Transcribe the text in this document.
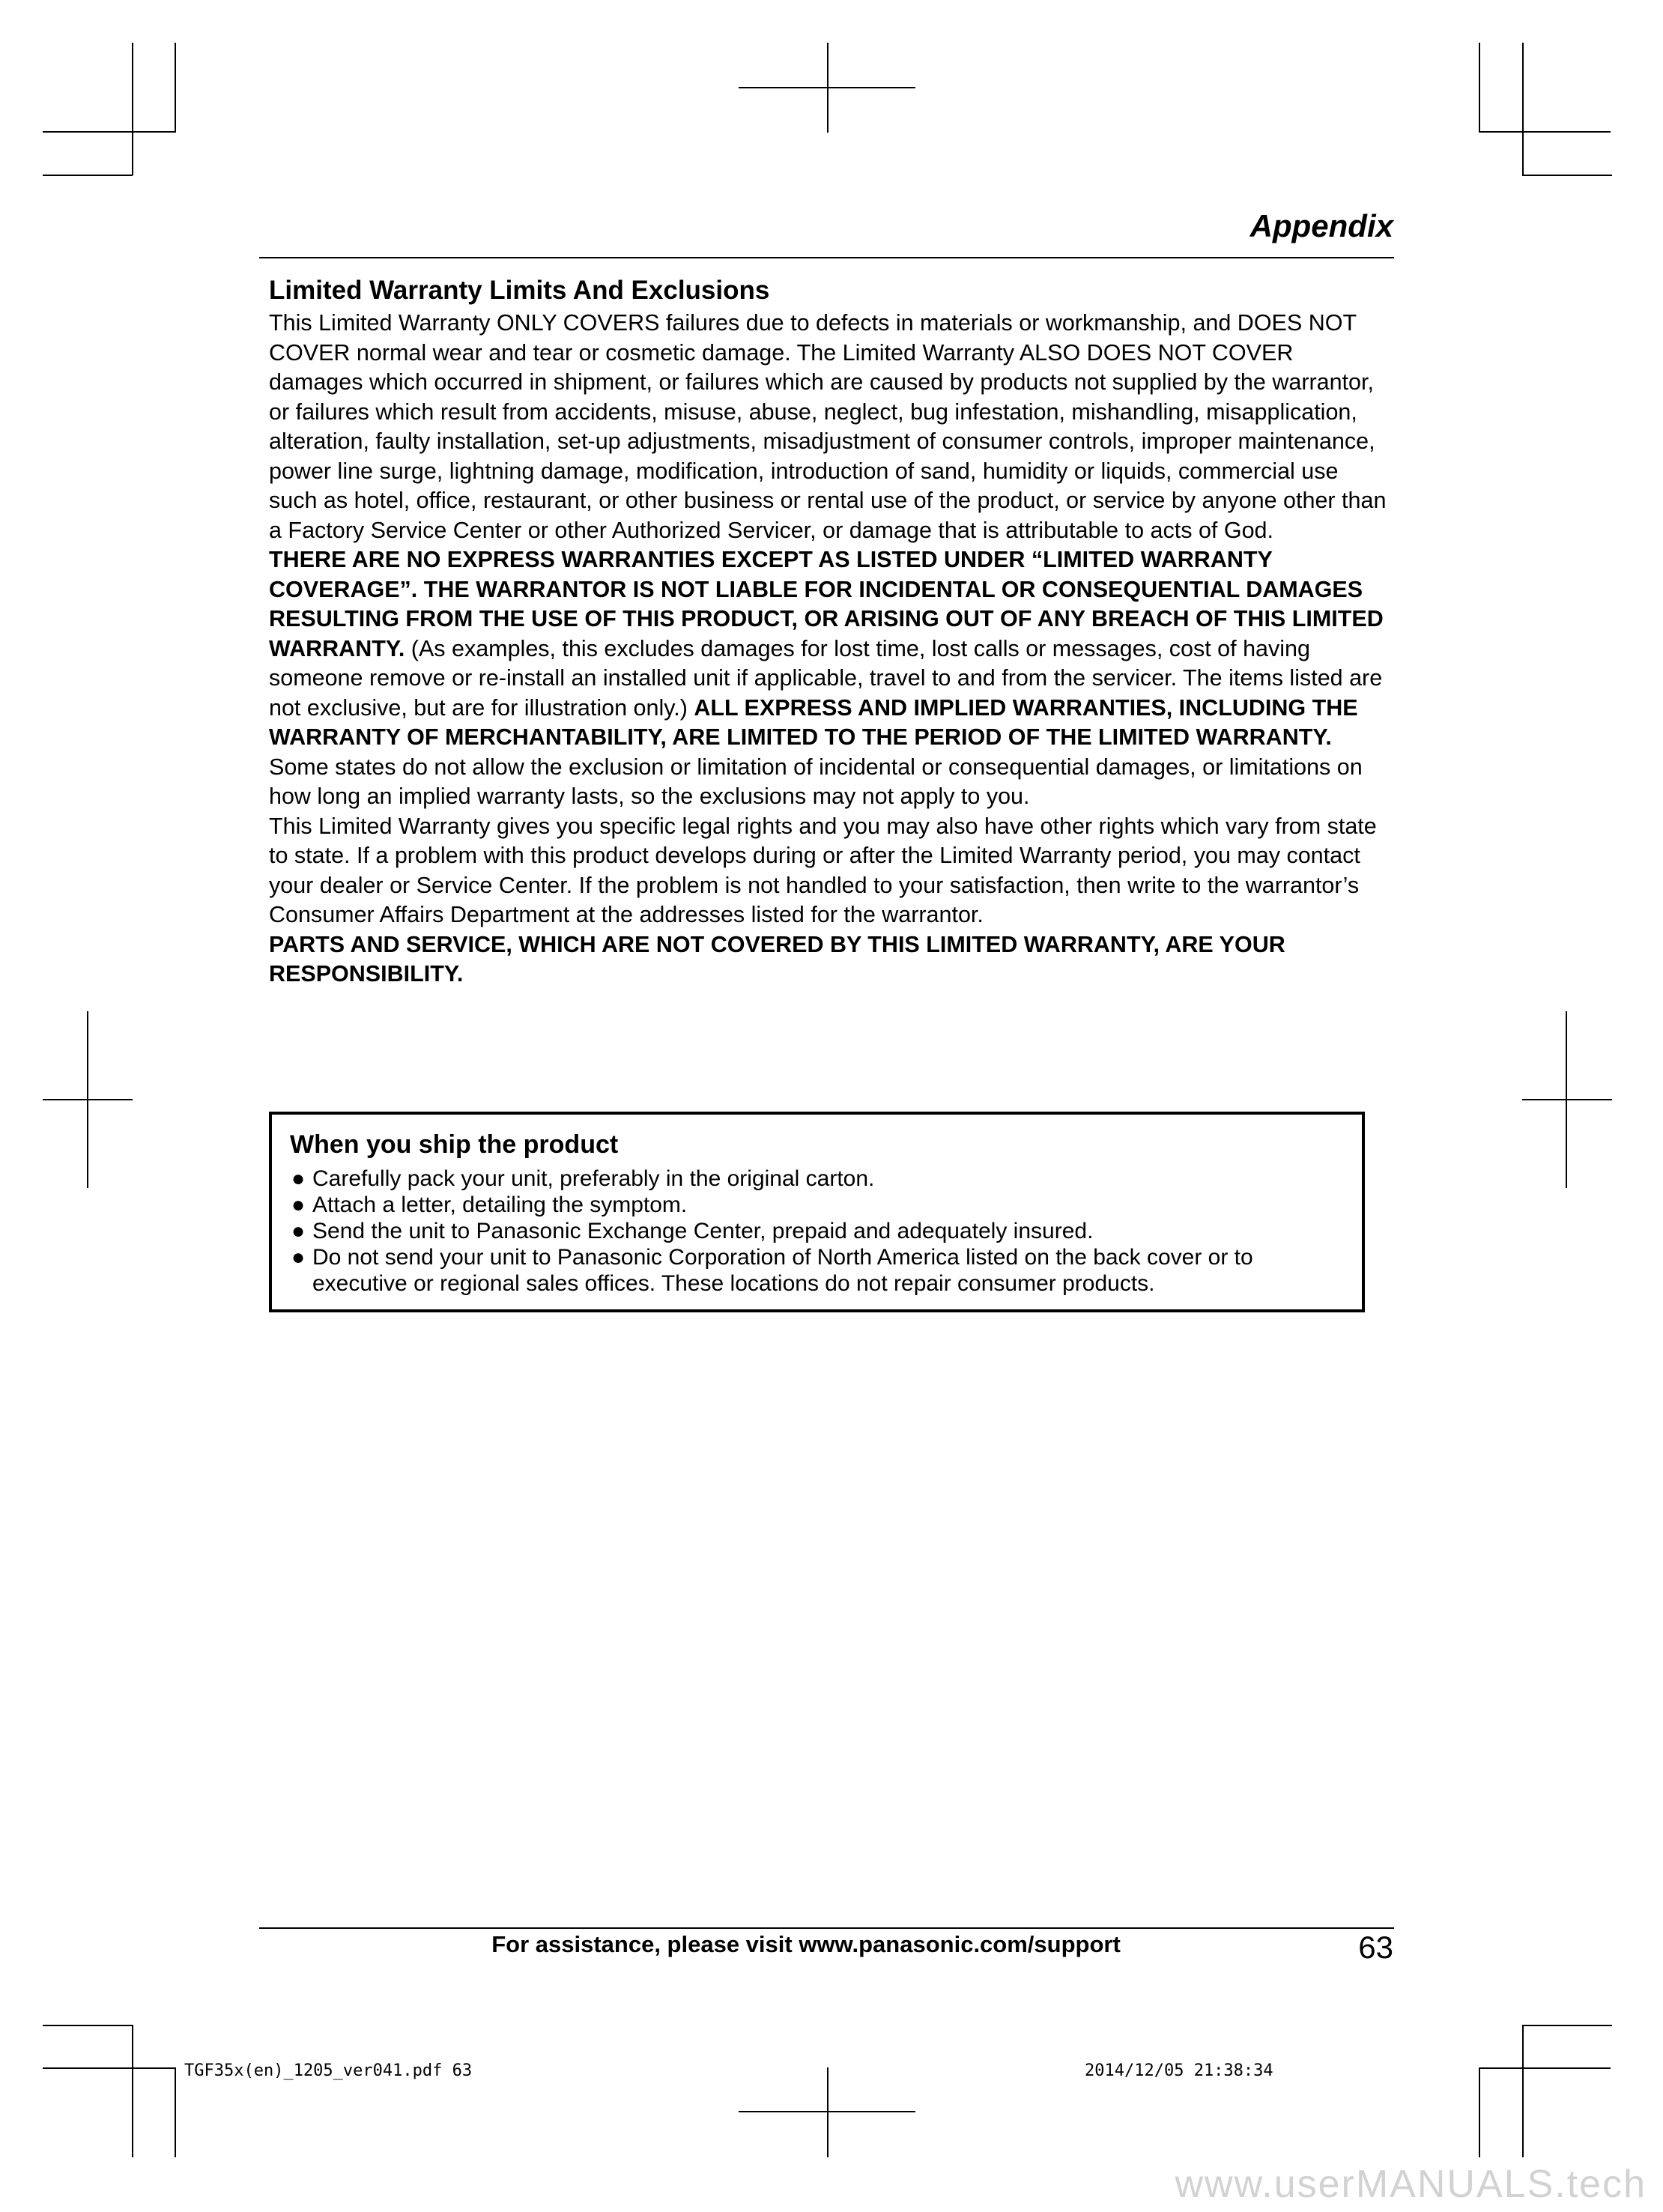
Appendix
Limited Warranty Limits And Exclusions

This Limited Warranty ONLY COVERS failures due to defects in materials or workmanship, and DOES NOT COVER normal wear and tear or cosmetic damage. The Limited Warranty ALSO DOES NOT COVER damages which occurred in shipment, or failures which are caused by products not supplied by the warrantor, or failures which result from accidents, misuse, abuse, neglect, bug infestation, mishandling, misapplication, alteration, faulty installation, set-up adjustments, misadjustment of consumer controls, improper maintenance, power line surge, lightning damage, modification, introduction of sand, humidity or liquids, commercial use such as hotel, office, restaurant, or other business or rental use of the product, or service by anyone other than a Factory Service Center or other Authorized Servicer, or damage that is attributable to acts of God.

THERE ARE NO EXPRESS WARRANTIES EXCEPT AS LISTED UNDER “LIMITED WARRANTY COVERAGE”. THE WARRANTOR IS NOT LIABLE FOR INCIDENTAL OR CONSEQUENTIAL DAMAGES RESULTING FROM THE USE OF THIS PRODUCT, OR ARISING OUT OF ANY BREACH OF THIS LIMITED WARRANTY. (As examples, this excludes damages for lost time, lost calls or messages, cost of having someone remove or re-install an installed unit if applicable, travel to and from the servicer. The items listed are not exclusive, but are for illustration only.) ALL EXPRESS AND IMPLIED WARRANTIES, INCLUDING THE WARRANTY OF MERCHANTABILITY, ARE LIMITED TO THE PERIOD OF THE LIMITED WARRANTY.

Some states do not allow the exclusion or limitation of incidental or consequential damages, or limitations on how long an implied warranty lasts, so the exclusions may not apply to you.

This Limited Warranty gives you specific legal rights and you may also have other rights which vary from state to state. If a problem with this product develops during or after the Limited Warranty period, you may contact your dealer or Service Center. If the problem is not handled to your satisfaction, then write to the warrantor’s Consumer Affairs Department at the addresses listed for the warrantor.

PARTS AND SERVICE, WHICH ARE NOT COVERED BY THIS LIMITED WARRANTY, ARE YOUR RESPONSIBILITY.

When you ship the product
● Carefully pack your unit, preferably in the original carton.
● Attach a letter, detailing the symptom.
● Send the unit to Panasonic Exchange Center, prepaid and adequately insured.
● Do not send your unit to Panasonic Corporation of North America listed on the back cover or to executive or regional sales offices. These locations do not repair consumer products.
For assistance, please visit www.panasonic.com/support	63
TGF35x(en)_1205_ver041.pdf 63	2014/12/05 21:38:34
www.userMANUALS.tech
